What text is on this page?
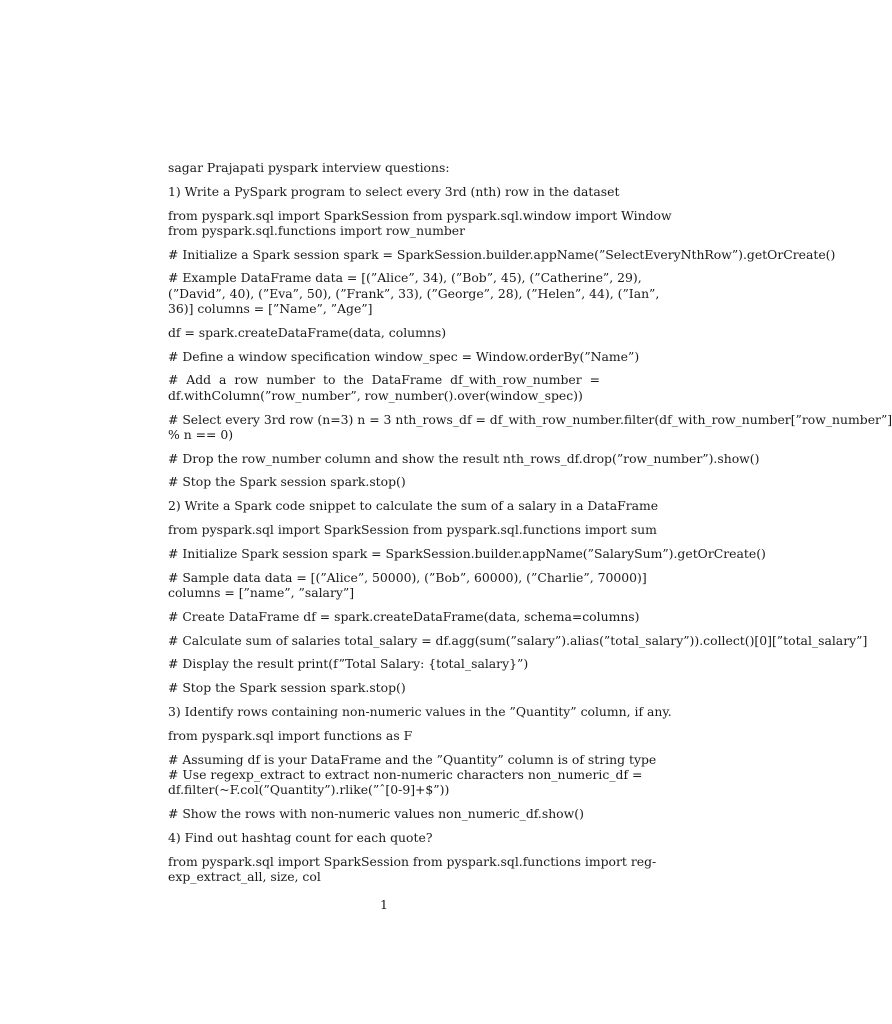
sagar Prajapati pyspark interview questions:
1) Write a PySpark program to select every 3rd (nth) row in the dataset
from pyspark.sql import SparkSession from pyspark.sql.window import Window
from pyspark.sql.functions import row_number
# Initialize a Spark session spark = SparkSession.builder.appName(”SelectEveryNthRow”).getOrCreate()
# Example DataFrame data = [(”Alice”, 34), (”Bob”, 45), (”Catherine”, 29),
(”David”, 40), (”Eva”, 50), (”Frank”, 33), (”George”, 28), (”Helen”, 44), (”Ian”,
36)] columns = [”Name”, ”Age”]
df = spark.createDataFrame(data, columns)
# Define a window specification window_spec = Window.orderBy(”Name”)
# Add a row number to the DataFrame df_with_row_number =
df.withColumn(”row_number”, row_number().over(window_spec))
# Select every 3rd row (n=3) n = 3 nth_rows_df = df_with_row_number.filter(df_with_row_number[”row_number”]
% n == 0)
# Drop the row_number column and show the result nth_rows_df.drop(”row_number”).show()
# Stop the Spark session spark.stop()
2) Write a Spark code snippet to calculate the sum of a salary in a DataFrame
from pyspark.sql import SparkSession from pyspark.sql.functions import sum
# Initialize Spark session spark = SparkSession.builder.appName(”SalarySum”).getOrCreate()
# Sample data data = [(”Alice”, 50000), (”Bob”, 60000), (”Charlie”, 70000)]
columns = [”name”, ”salary”]
# Create DataFrame df = spark.createDataFrame(data, schema=columns)
# Calculate sum of salaries total_salary = df.agg(sum(”salary”).alias(”total_salary”)).collect()[0][”total_salary”]
# Display the result print(f”Total Salary: {total_salary}”)
# Stop the Spark session spark.stop()
3) Identify rows containing non-numeric values in the ”Quantity” column, if any.
from pyspark.sql import functions as F
# Assuming df is your DataFrame and the ”Quantity” column is of string type
# Use regexp_extract to extract non-numeric characters non_numeric_df =
df.filter(~F.col(”Quantity”).rlike(”ˆ[0-9]+$”))
# Show the rows with non-numeric values non_numeric_df.show()
4) Find out hashtag count for each quote?
from pyspark.sql import SparkSession from pyspark.sql.functions import reg-
exp_extract_all, size, col
1
